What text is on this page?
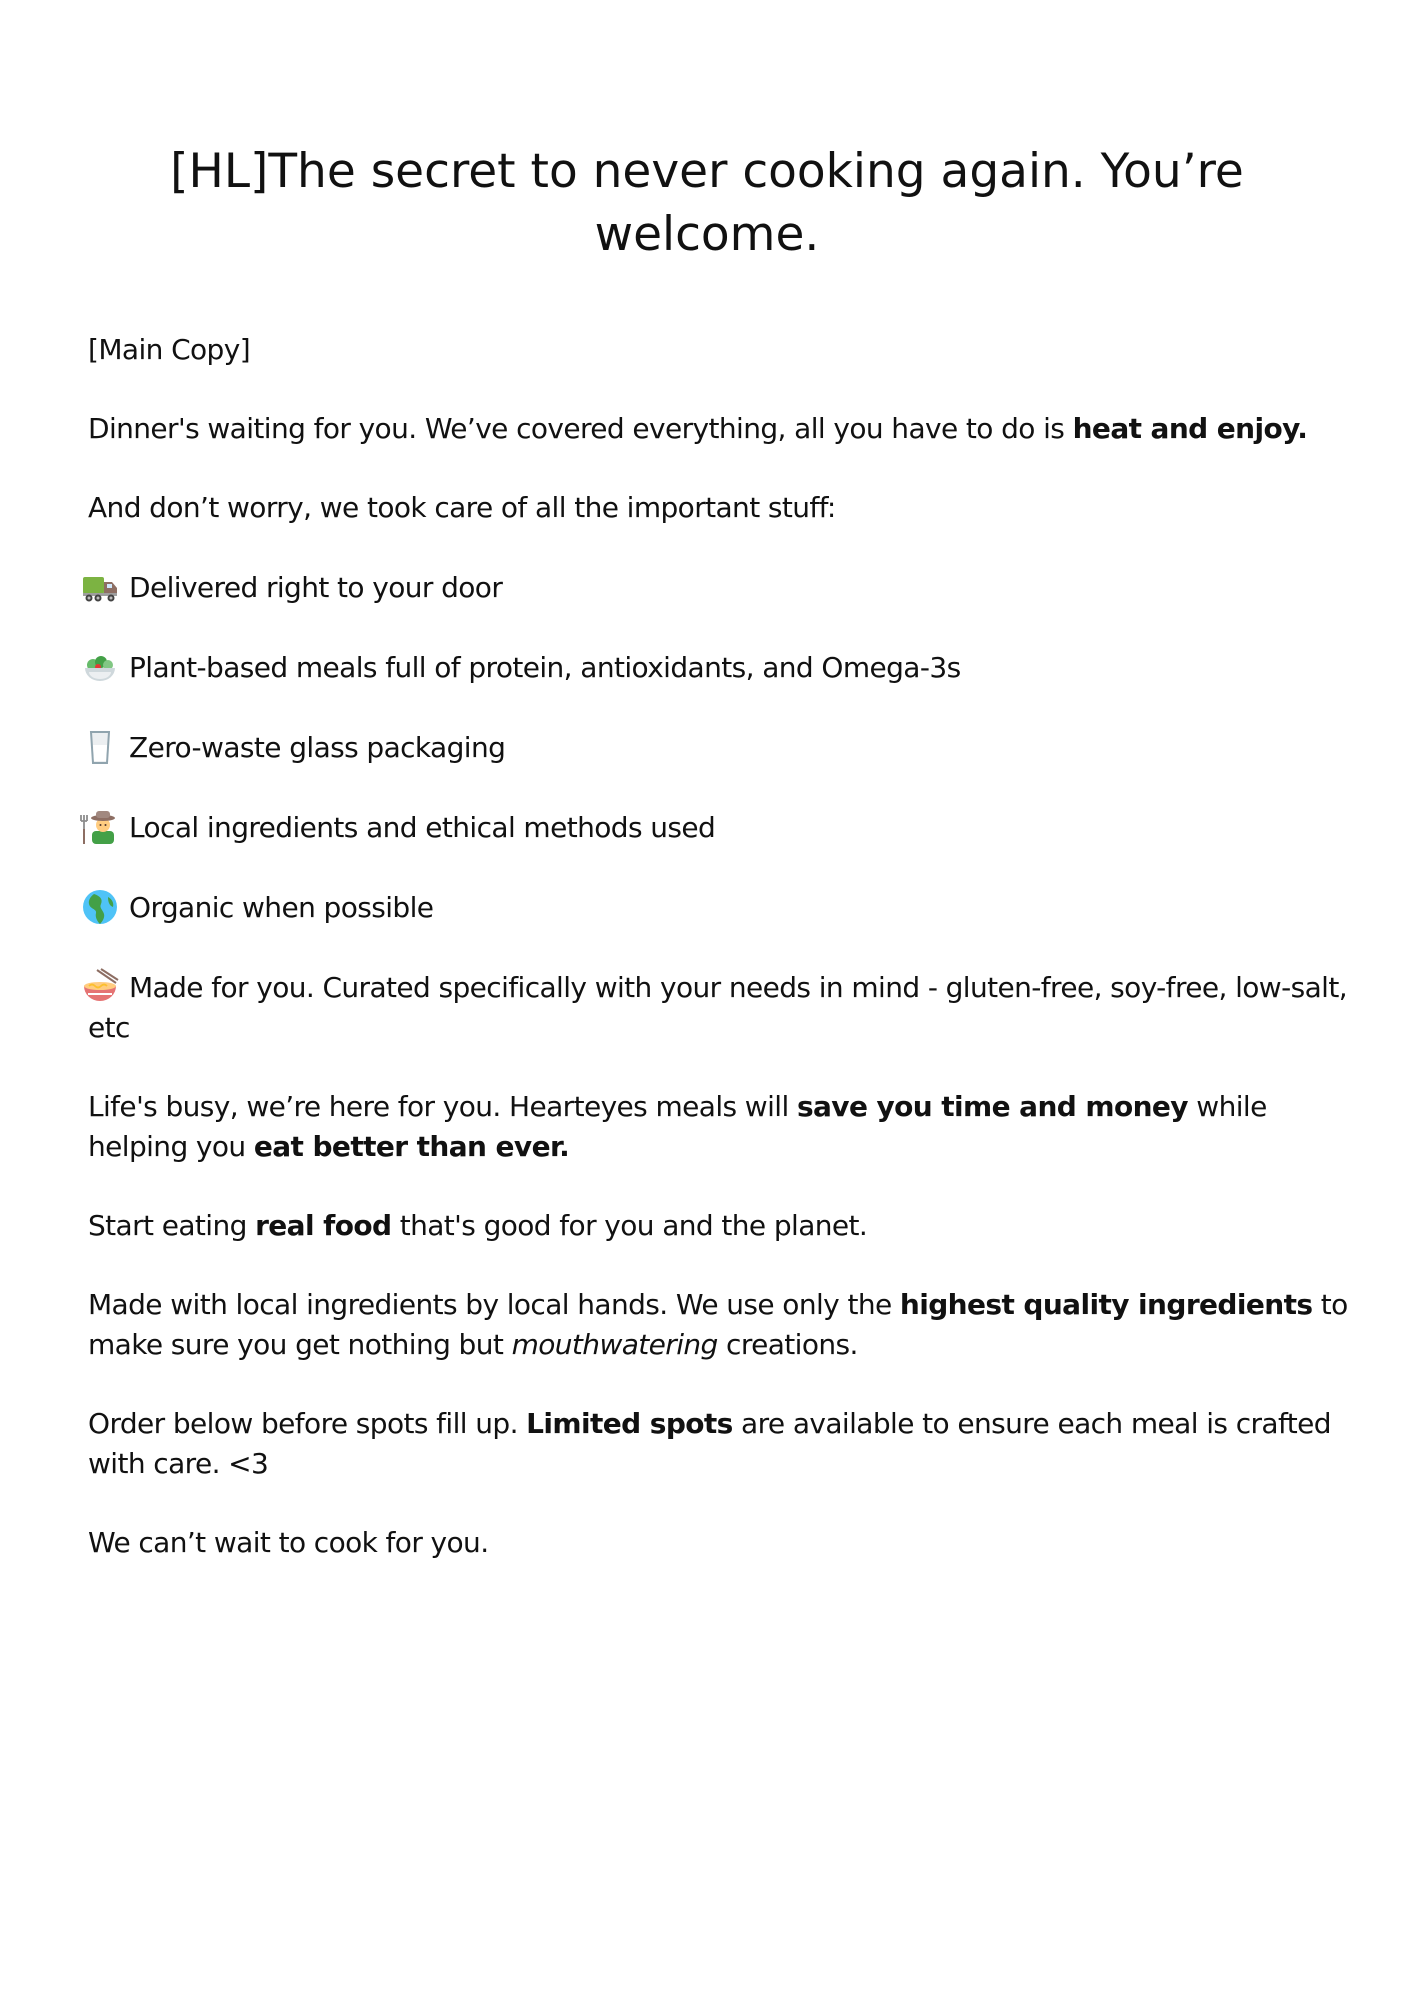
[HL]The secret to never cooking again. You’re welcome.

[Main Copy]

Dinner's waiting for you. We’ve covered everything, all you have to do is heat and enjoy.

And don’t worry, we took care of all the important stuff:

Delivered right to your door

Plant-based meals full of protein, antioxidants, and Omega-3s

Zero-waste glass packaging

Local ingredients and ethical methods used

Organic when possible

Made for you. Curated specifically with your needs in mind - gluten-free, soy-free, low-salt, etc

Life's busy, we’re here for you. Hearteyes meals will save you time and money while helping you eat better than ever.

Start eating real food that's good for you and the planet.

Made with local ingredients by local hands. We use only the highest quality ingredients to make sure you get nothing but mouthwatering creations.

Order below before spots fill up. Limited spots are available to ensure each meal is crafted with care. <3

We can’t wait to cook for you.
